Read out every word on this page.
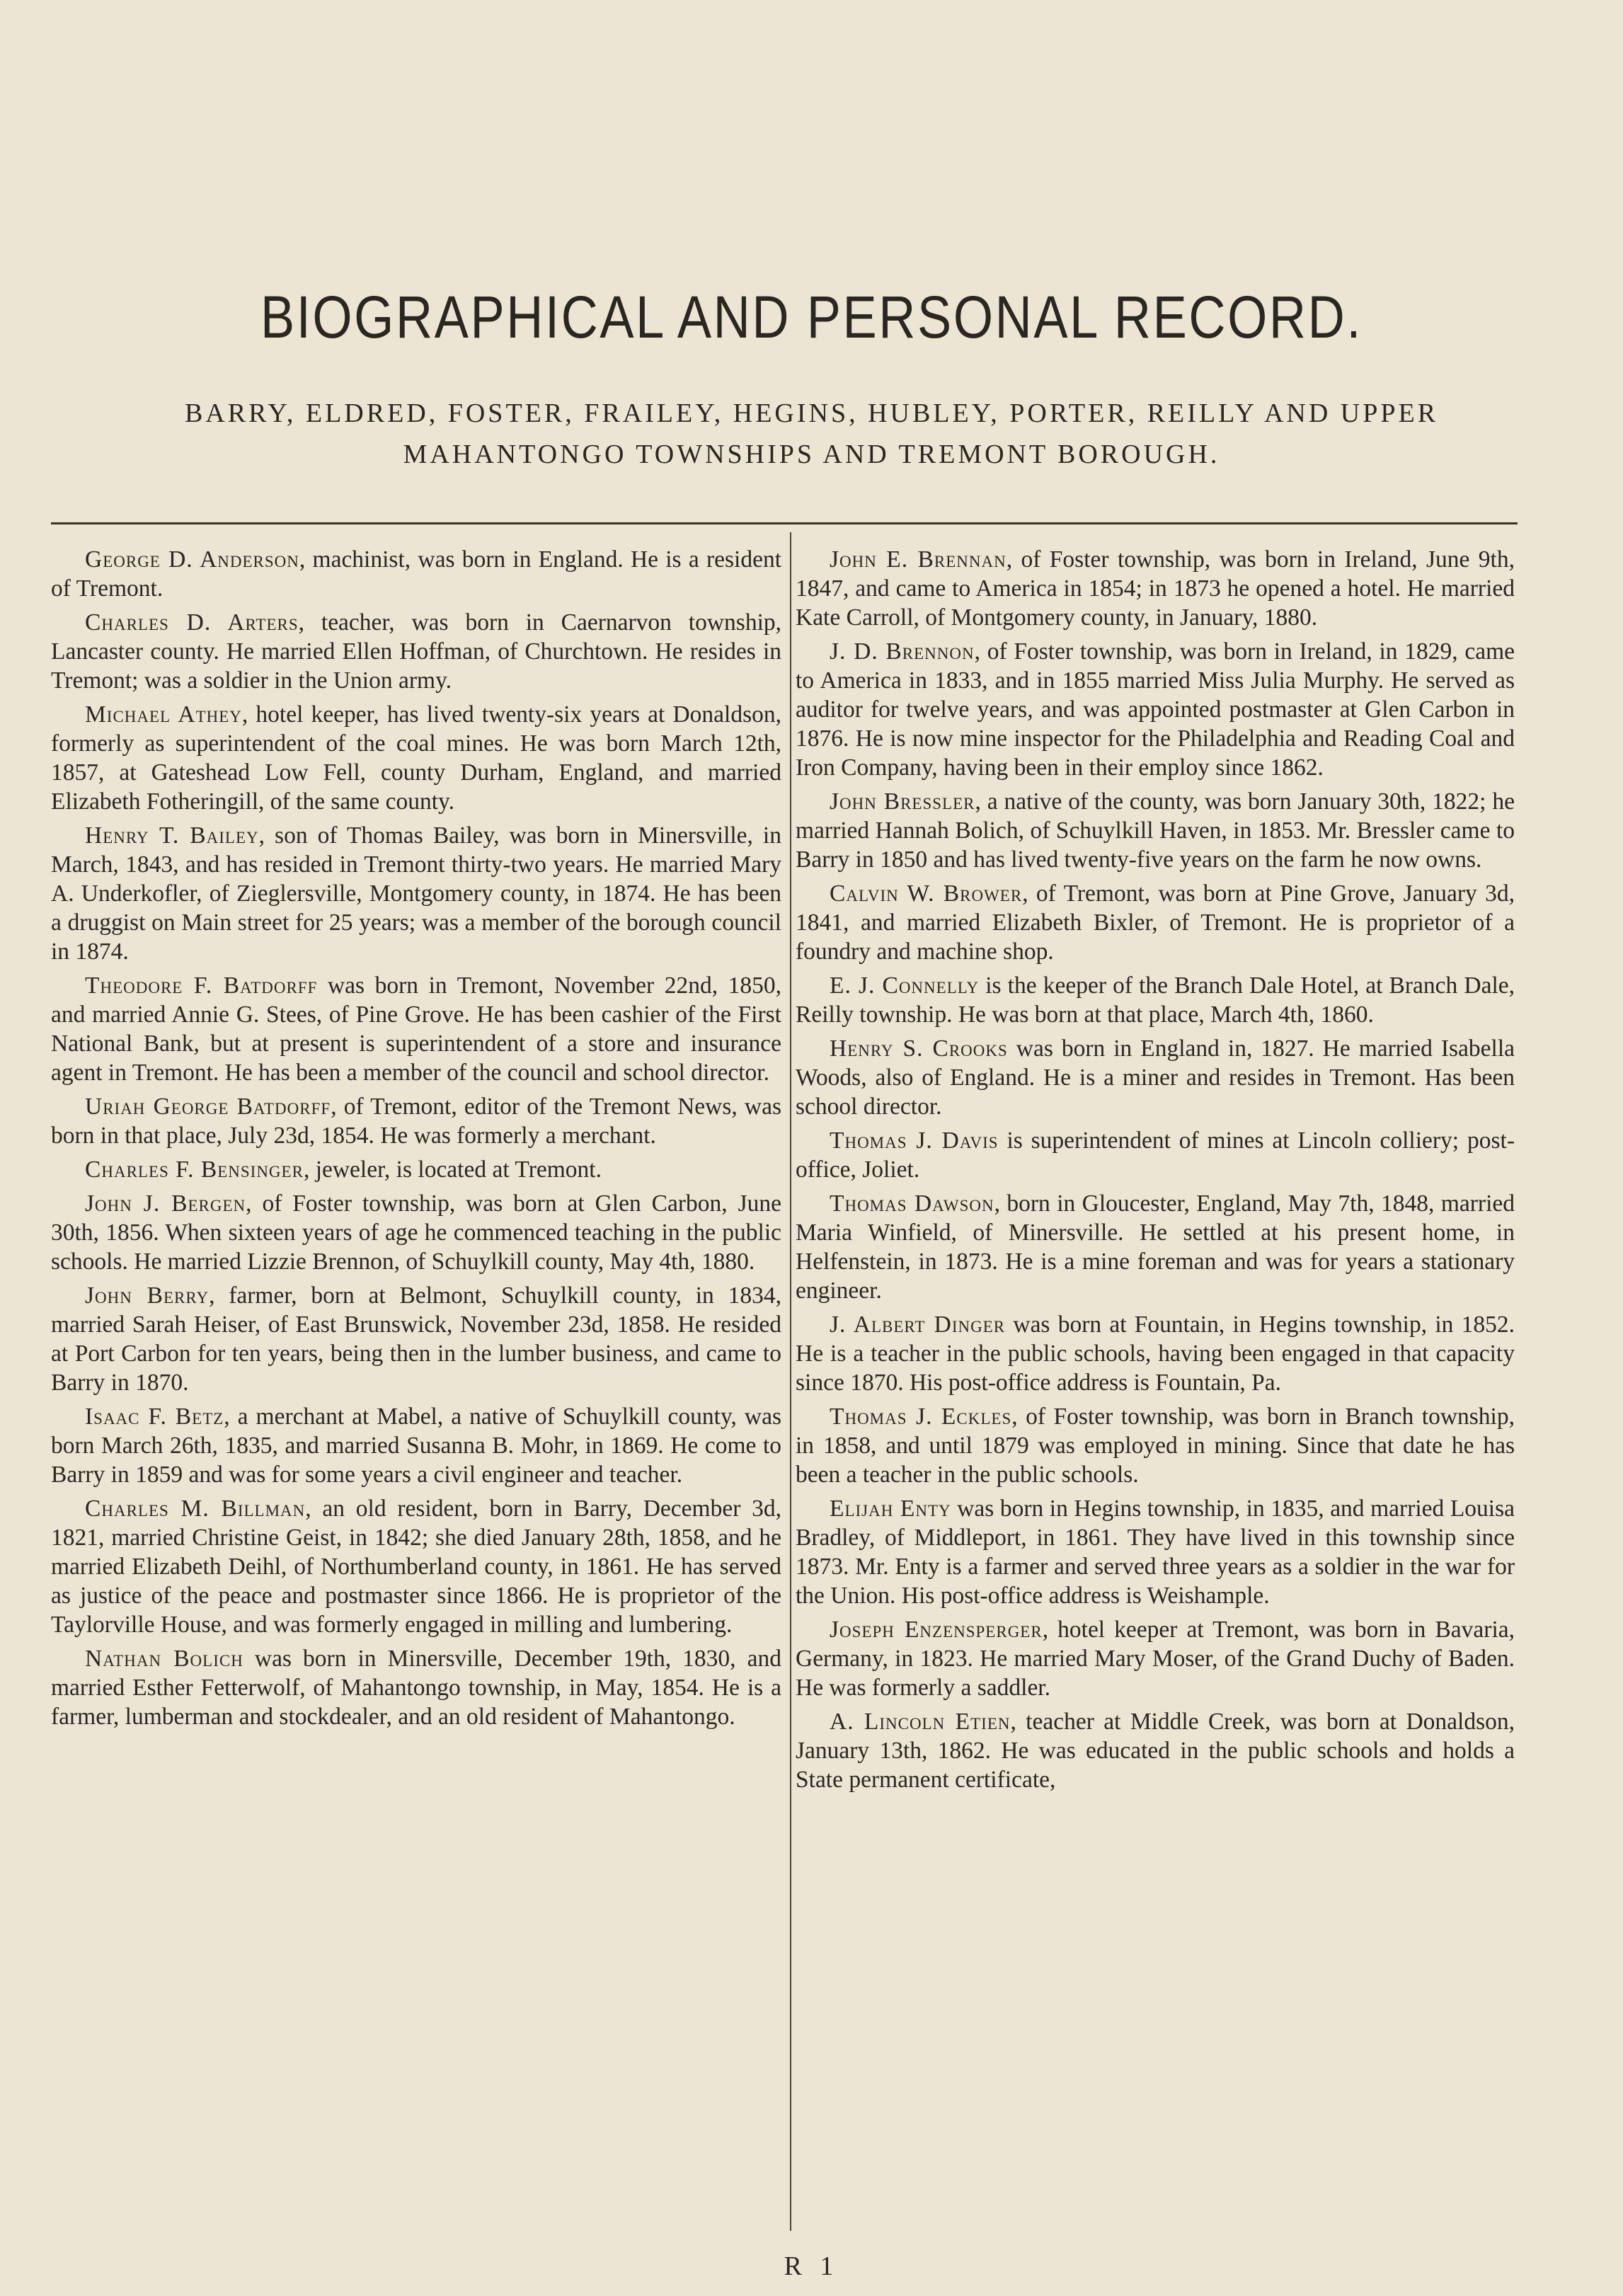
BIOGRAPHICAL AND PERSONAL RECORD.
BARRY, ELDRED, FOSTER, FRAILEY, HEGINS, HUBLEY, PORTER, REILLY AND UPPER
MAHANTONGO TOWNSHIPS AND TREMONT BOROUGH.

George D. Anderson, machinist, was born in England. He is a resident of Tremont.

Charles D. Arters, teacher, was born in Caernarvon township, Lancaster county. He married Ellen Hoffman, of Churchtown. He resides in Tremont; was a soldier in the Union army.

Michael Athey, hotel keeper, has lived twenty-six years at Donaldson, formerly as superintendent of the coal mines. He was born March 12th, 1857, at Gateshead Low Fell, county Durham, England, and married Elizabeth Fotheringill, of the same county.

Henry T. Bailey, son of Thomas Bailey, was born in Minersville, in March, 1843, and has resided in Tremont thirty-two years. He married Mary A. Underkofler, of Zieglersville, Montgomery county, in 1874. He has been a druggist on Main street for 25 years; was a member of the borough council in 1874.

Theodore F. Batdorff was born in Tremont, November 22nd, 1850, and married Annie G. Stees, of Pine Grove. He has been cashier of the First National Bank, but at present is superintendent of a store and insurance agent in Tremont. He has been a member of the council and school director.

Uriah George Batdorff, of Tremont, editor of the Tremont News, was born in that place, July 23d, 1854. He was formerly a merchant.

Charles F. Bensinger, jeweler, is located at Tremont.

John J. Bergen, of Foster township, was born at Glen Carbon, June 30th, 1856. When sixteen years of age he commenced teaching in the public schools. He married Lizzie Brennon, of Schuylkill county, May 4th, 1880.

John Berry, farmer, born at Belmont, Schuylkill county, in 1834, married Sarah Heiser, of East Brunswick, November 23d, 1858. He resided at Port Carbon for ten years, being then in the lumber business, and came to Barry in 1870.

Isaac F. Betz, a merchant at Mabel, a native of Schuylkill county, was born March 26th, 1835, and married Susanna B. Mohr, in 1869. He come to Barry in 1859 and was for some years a civil engineer and teacher.

Charles M. Billman, an old resident, born in Barry, December 3d, 1821, married Christine Geist, in 1842; she died January 28th, 1858, and he married Elizabeth Deihl, of Northumberland county, in 1861. He has served as justice of the peace and postmaster since 1866. He is proprietor of the Taylorville House, and was formerly engaged in milling and lumbering.

Nathan Bolich was born in Minersville, December 19th, 1830, and married Esther Fetterwolf, of Mahantongo township, in May, 1854. He is a farmer, lumberman and stockdealer, and an old resident of Mahantongo.

John E. Brennan, of Foster township, was born in Ireland, June 9th, 1847, and came to America in 1854; in 1873 he opened a hotel. He married Kate Carroll, of Montgomery county, in January, 1880.

J. D. Brennon, of Foster township, was born in Ireland, in 1829, came to America in 1833, and in 1855 married Miss Julia Murphy. He served as auditor for twelve years, and was appointed postmaster at Glen Carbon in 1876. He is now mine inspector for the Philadelphia and Reading Coal and Iron Company, having been in their employ since 1862.

John Bressler, a native of the county, was born January 30th, 1822; he married Hannah Bolich, of Schuylkill Haven, in 1853. Mr. Bressler came to Barry in 1850 and has lived twenty-five years on the farm he now owns.

Calvin W. Brower, of Tremont, was born at Pine Grove, January 3d, 1841, and married Elizabeth Bixler, of Tremont. He is proprietor of a foundry and machine shop.

E. J. Connelly is the keeper of the Branch Dale Hotel, at Branch Dale, Reilly township. He was born at that place, March 4th, 1860.

Henry S. Crooks was born in England in, 1827. He married Isabella Woods, also of England. He is a miner and resides in Tremont. Has been school director.

Thomas J. Davis is superintendent of mines at Lincoln colliery; post-office, Joliet.

Thomas Dawson, born in Gloucester, England, May 7th, 1848, married Maria Winfield, of Minersville. He settled at his present home, in Helfenstein, in 1873. He is a mine foreman and was for years a stationary engineer.

J. Albert Dinger was born at Fountain, in Hegins township, in 1852. He is a teacher in the public schools, having been engaged in that capacity since 1870. His post-office address is Fountain, Pa.

Thomas J. Eckles, of Foster township, was born in Branch township, in 1858, and until 1879 was employed in mining. Since that date he has been a teacher in the public schools.

Elijah Enty was born in Hegins township, in 1835, and married Louisa Bradley, of Middleport, in 1861. They have lived in this township since 1873. Mr. Enty is a farmer and served three years as a soldier in the war for the Union. His post-office address is Weishample.

Joseph Enzensperger, hotel keeper at Tremont, was born in Bavaria, Germany, in 1823. He married Mary Moser, of the Grand Duchy of Baden. He was formerly a saddler.

A. Lincoln Etien, teacher at Middle Creek, was born at Donaldson, January 13th, 1862. He was educated in the public schools and holds a State permanent certificate,

R 1
